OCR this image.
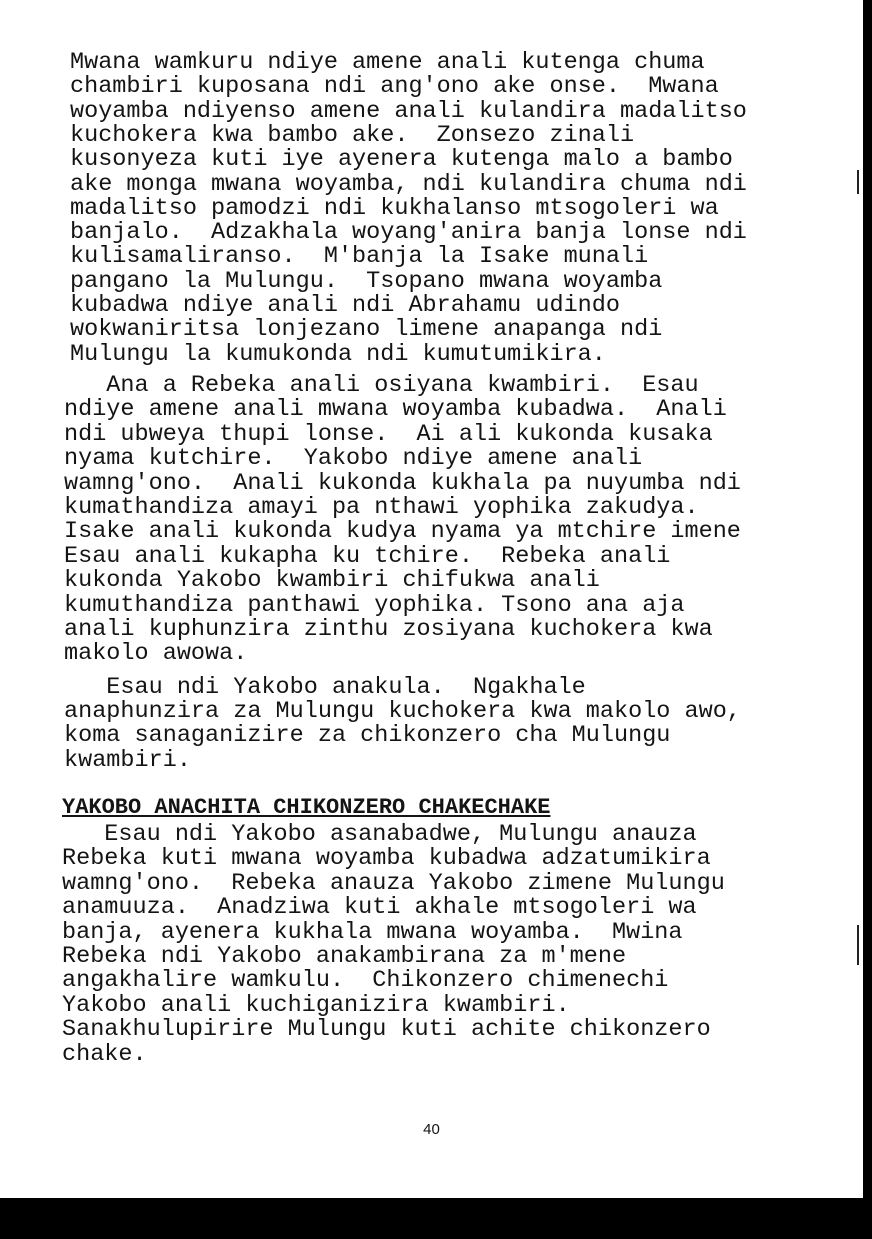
Mwana wamkuru ndiye amene anali kutenga chuma
chambiri kuposana ndi ang'ono ake onse.  Mwana
woyamba ndiyenso amene anali kulandira madalitso
kuchokera kwa bambo ake.  Zonsezo zinali
kusonyeza kuti iye ayenera kutenga malo a bambo
ake monga mwana woyamba, ndi kulandira chuma ndi
madalitso pamodzi ndi kukhalanso mtsogoleri wa
banjalo.  Adzakhala woyang'anira banja lonse ndi
kulisamaliranso.  M'banja la Isake munali
pangano la Mulungu.  Tsopano mwana woyamba
kubadwa ndiye anali ndi Abrahamu udindo
wokwaniritsa lonjezano limene anapanga ndi
Mulungu la kumukonda ndi kumutumikira.
Ana a Rebeka anali osiyana kwambiri.  Esau
ndiye amene anali mwana woyamba kubadwa.  Anali
ndi ubweya thupi lonse.  Ai ali kukonda kusaka
nyama kutchire.  Yakobo ndiye amene anali
wamng'ono.  Anali kukonda kukhala pa nuyumba ndi
kumathandiza amayi pa nthawi yophika zakudya.
Isake anali kukonda kudya nyama ya mtchire imene
Esau anali kukapha ku tchire.  Rebeka anali
kukonda Yakobo kwambiri chifukwa anali
kumuthandiza panthawi yophika. Tsono ana aja
anali kuphunzira zinthu zosiyana kuchokera kwa
makolo awowa.
Esau ndi Yakobo anakula.  Ngakhale
anaphunzira za Mulungu kuchokera kwa makolo awo,
koma sanaganizire za chikonzero cha Mulungu
kwambiri.
Esau ndi Yakobo asanabadwe, Mulungu anauza
Rebeka kuti mwana woyamba kubadwa adzatumikira
wamng'ono.  Rebeka anauza Yakobo zimene Mulungu
anamuuza.  Anadziwa kuti akhale mtsogoleri wa
banja, ayenera kukhala mwana woyamba.  Mwina
Rebeka ndi Yakobo anakambirana za m'mene
angakhalire wamkulu.  Chikonzero chimenechi
Yakobo anali kuchiganizira kwambiri.
Sanakhulupirire Mulungu kuti achite chikonzero
chake.
YAKOBO ANACHITA CHIKONZERO CHAKECHAKE
40
